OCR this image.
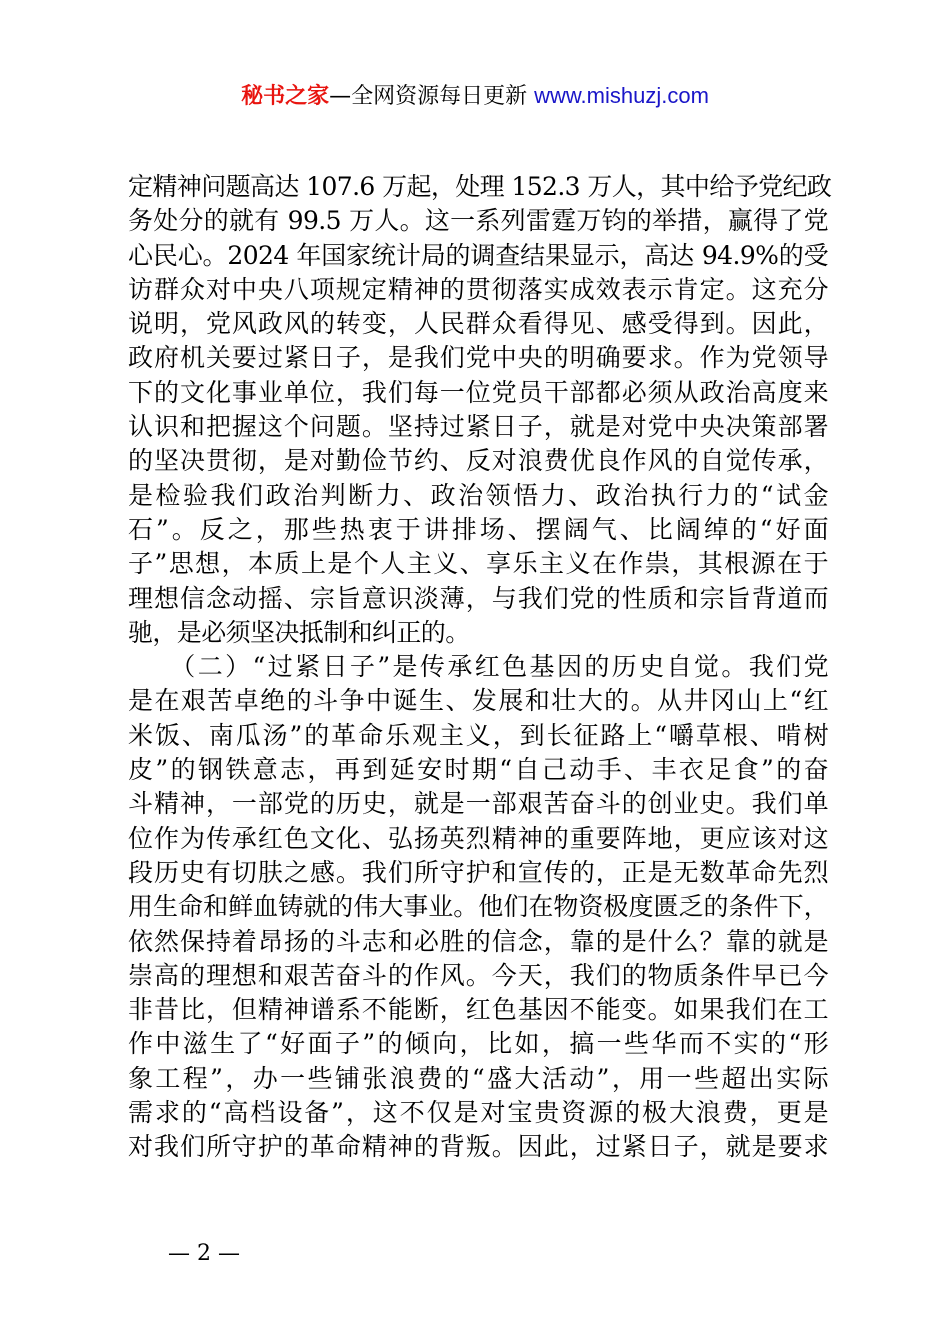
秘书之家—全网资源每日更新 www.mishuzj.com
定精神问题高达 107.6 万起，处理 152.3 万人，其中给予党纪政
务处分的就有 99.5 万人。这一系列雷霆万钧的举措，赢得了党
心民心。2024 年国家统计局的调查结果显示，高达 94.9%的受
访群众对中央八项规定精神的贯彻落实成效表示肯定。这充分
说明，党风政风的转变，人民群众看得见、感受得到。因此，
政府机关要过紧日子，是我们党中央的明确要求。作为党领导
下的文化事业单位，我们每一位党员干部都必须从政治高度来
认识和把握这个问题。坚持过紧日子，就是对党中央决策部署
的坚决贯彻，是对勤俭节约、反对浪费优良作风的自觉传承，
是检验我们政治判断力、政治领悟力、政治执行力的“试金
石”。反之，那些热衷于讲排场、摆阔气、比阔绰的“好面
子”思想，本质上是个人主义、享乐主义在作祟，其根源在于
理想信念动摇、宗旨意识淡薄，与我们党的性质和宗旨背道而
驰，是必须坚决抵制和纠正的。
　　（二）“过紧日子”是传承红色基因的历史自觉。我们党
是在艰苦卓绝的斗争中诞生、发展和壮大的。从井冈山上“红
米饭、南瓜汤”的革命乐观主义，到长征路上“嚼草根、啃树
皮”的钢铁意志，再到延安时期“自己动手、丰衣足食”的奋
斗精神，一部党的历史，就是一部艰苦奋斗的创业史。我们单
位作为传承红色文化、弘扬英烈精神的重要阵地，更应该对这
段历史有切肤之感。我们所守护和宣传的，正是无数革命先烈
用生命和鲜血铸就的伟大事业。他们在物资极度匮乏的条件下，
依然保持着昂扬的斗志和必胜的信念，靠的是什么？靠的就是
崇高的理想和艰苦奋斗的作风。今天，我们的物质条件早已今
非昔比，但精神谱系不能断，红色基因不能变。如果我们在工
作中滋生了“好面子”的倾向，比如，搞一些华而不实的“形
象工程”，办一些铺张浪费的“盛大活动”，用一些超出实际
需求的“高档设备”，这不仅是对宝贵资源的极大浪费，更是
对我们所守护的革命精神的背叛。因此，过紧日子，就是要求
— 2 —
